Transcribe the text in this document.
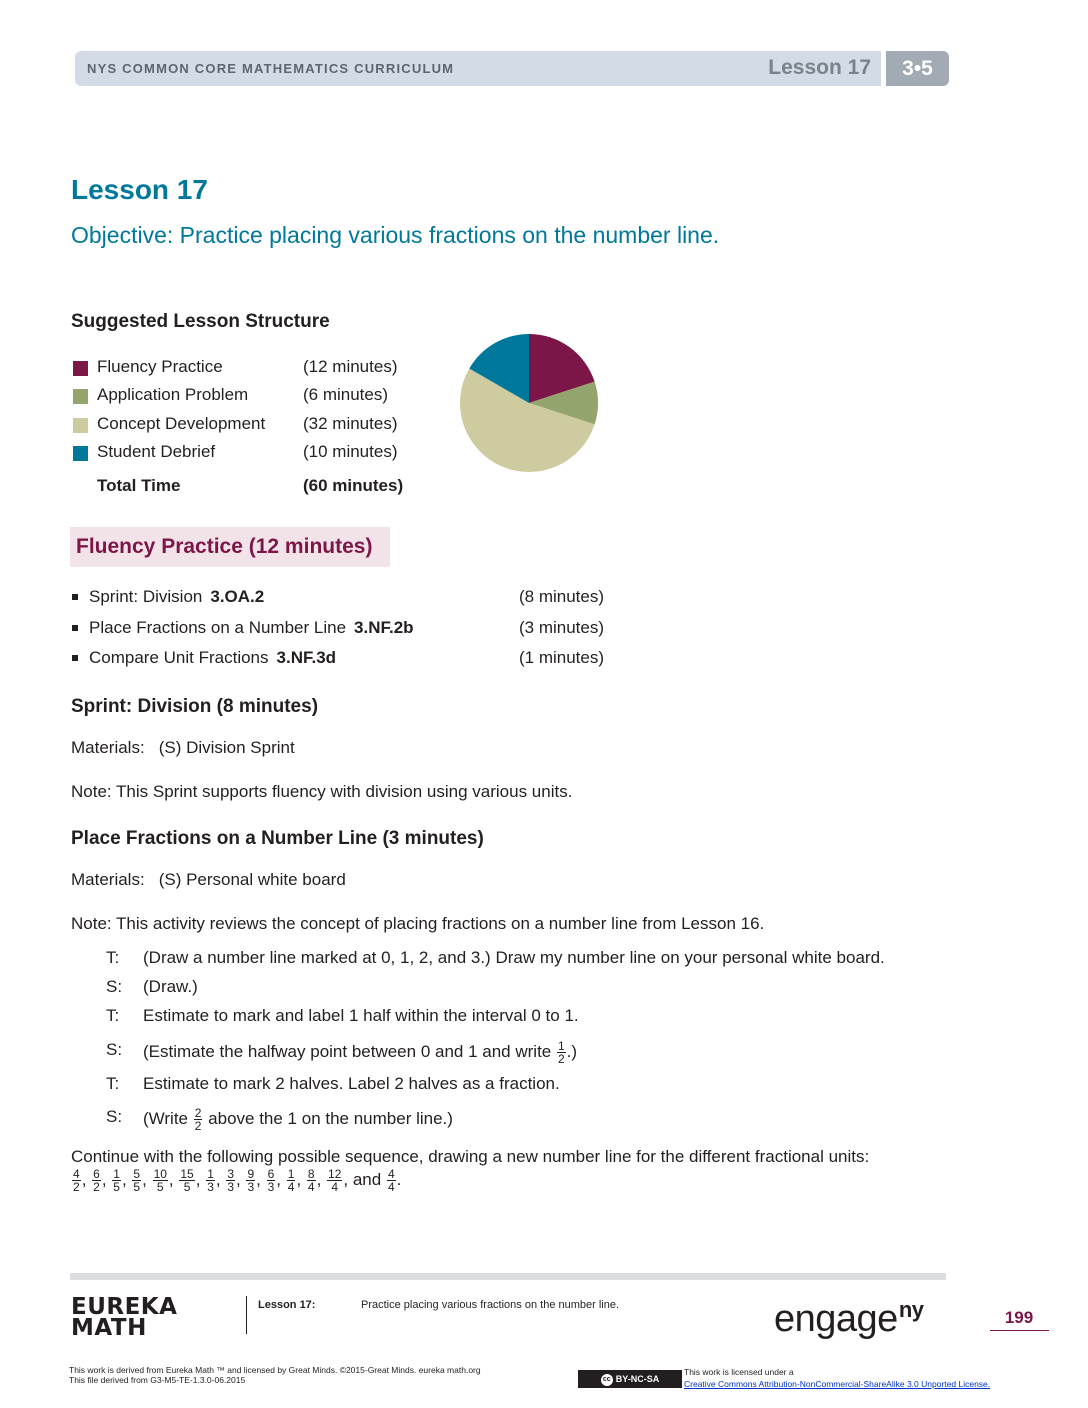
NYS COMMON CORE MATHEMATICS CURRICULUM	Lesson 17	3•5
Lesson 17
Objective: Practice placing various fractions on the number line.
Suggested Lesson Structure
Fluency Practice	(12 minutes)
Application Problem	(6 minutes)
Concept Development (32 minutes)
Student Debrief	(10 minutes)
Total Time	(60 minutes)
Fluency Practice (12 minutes)
Sprint: Division 3.OA.2	(8 minutes)
Place Fractions on a Number Line 3.NF.2b	(3 minutes)
Compare Unit Fractions 3.NF.3d	(1 minutes)
Sprint: Division (8 minutes)
Materials: (S) Division Sprint
Note: This Sprint supports fluency with division using various units.
Place Fractions on a Number Line (3 minutes)
Materials: (S) Personal white board
Note: This activity reviews the concept of placing fractions on a number line from Lesson 16.
T: (Draw a number line marked at 0, 1, 2, and 3.) Draw my number line on your personal white board.
S: (Draw.)
T: Estimate to mark and label 1 half within the interval 0 to 1.
S: (Estimate the halfway point between 0 and 1 and write $\frac{1}{2}$ .)
T: Estimate to mark 2 halves. Label 2 halves as a fraction.
S: (Write $\frac{2}{2}$ above the 1 on the number line.)
Continue with the following possible sequence, drawing a new number line for the different fractional units:
$\frac{4}{2}$ , $\frac{6}{2}$ , $\frac{1}{5}$ , $\frac{5}{5}$ , $\frac{10}{5}$ , $\frac{15}{5}$ , $\frac{1}{3}$ , $\frac{3}{3}$ , $\frac{9}{3}$ , $\frac{6}{3}$ , $\frac{1}{4}$ , $\frac{8}{4}$ , $\frac{12}{4}$ , and $\frac{4}{4}$ .
EUREKA
MATH
Lesson 17:	Practice placing various fractions on the number line.	engage$^{ny}$	199
This work is derived from Eureka Math ™ and licensed by Great Minds. ©2015-Great Minds. eureka math.org
This file derived from G3-M5-TE-1.3.0-06.2015	cc BY-NC-SA
This work is licensed under a
Creative Commons Attribution-NonCommercial-ShareAlike 3.0 Unported License.
